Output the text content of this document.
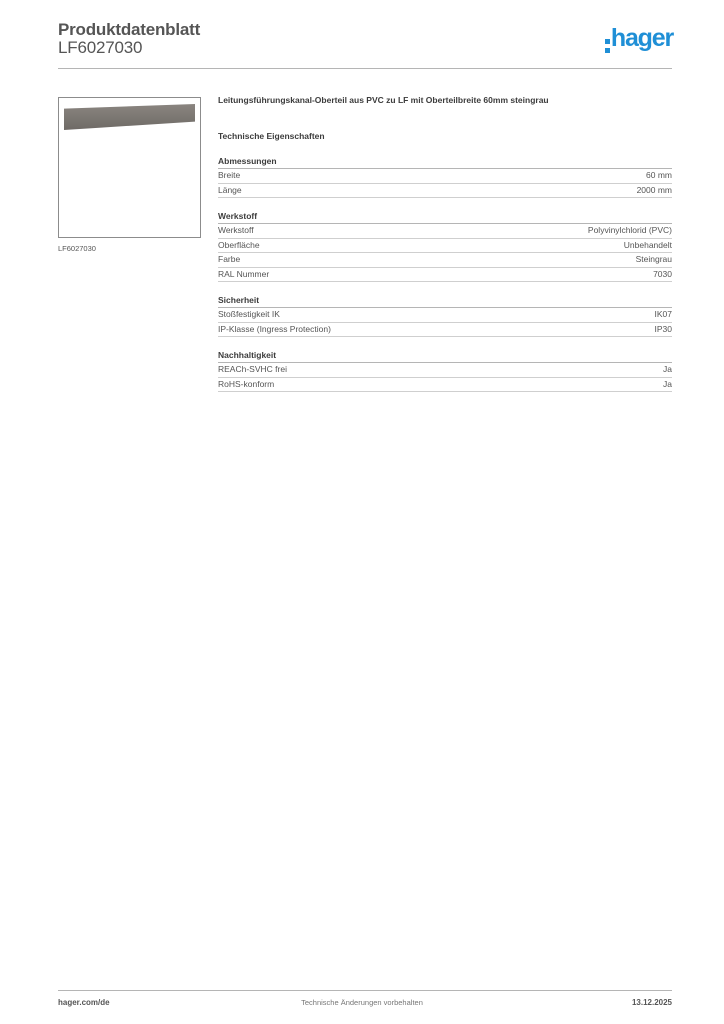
Produktdatenblatt
LF6027030	hager
LF6027030
Leitungsführungskanal-Oberteil aus PVC zu LF mit Oberteilbreite 60mm steingrau
Technische Eigenschaften
Abmessungen
Breite	60 mm
Länge	2000 mm
Werkstoff
Werkstoff	Polyvinylchlorid (PVC)
Oberfläche	Unbehandelt
Farbe	Steingrau
RAL Nummer	7030
Sicherheit
Stoßfestigkeit IK	IK07
IP-Klasse (Ingress Protection)	IP30
Nachhaltigkeit
REACh-SVHC frei	Ja
RoHS-konform	Ja
hager.com/de	Technische Änderungen vorbehalten	13.12.2025
